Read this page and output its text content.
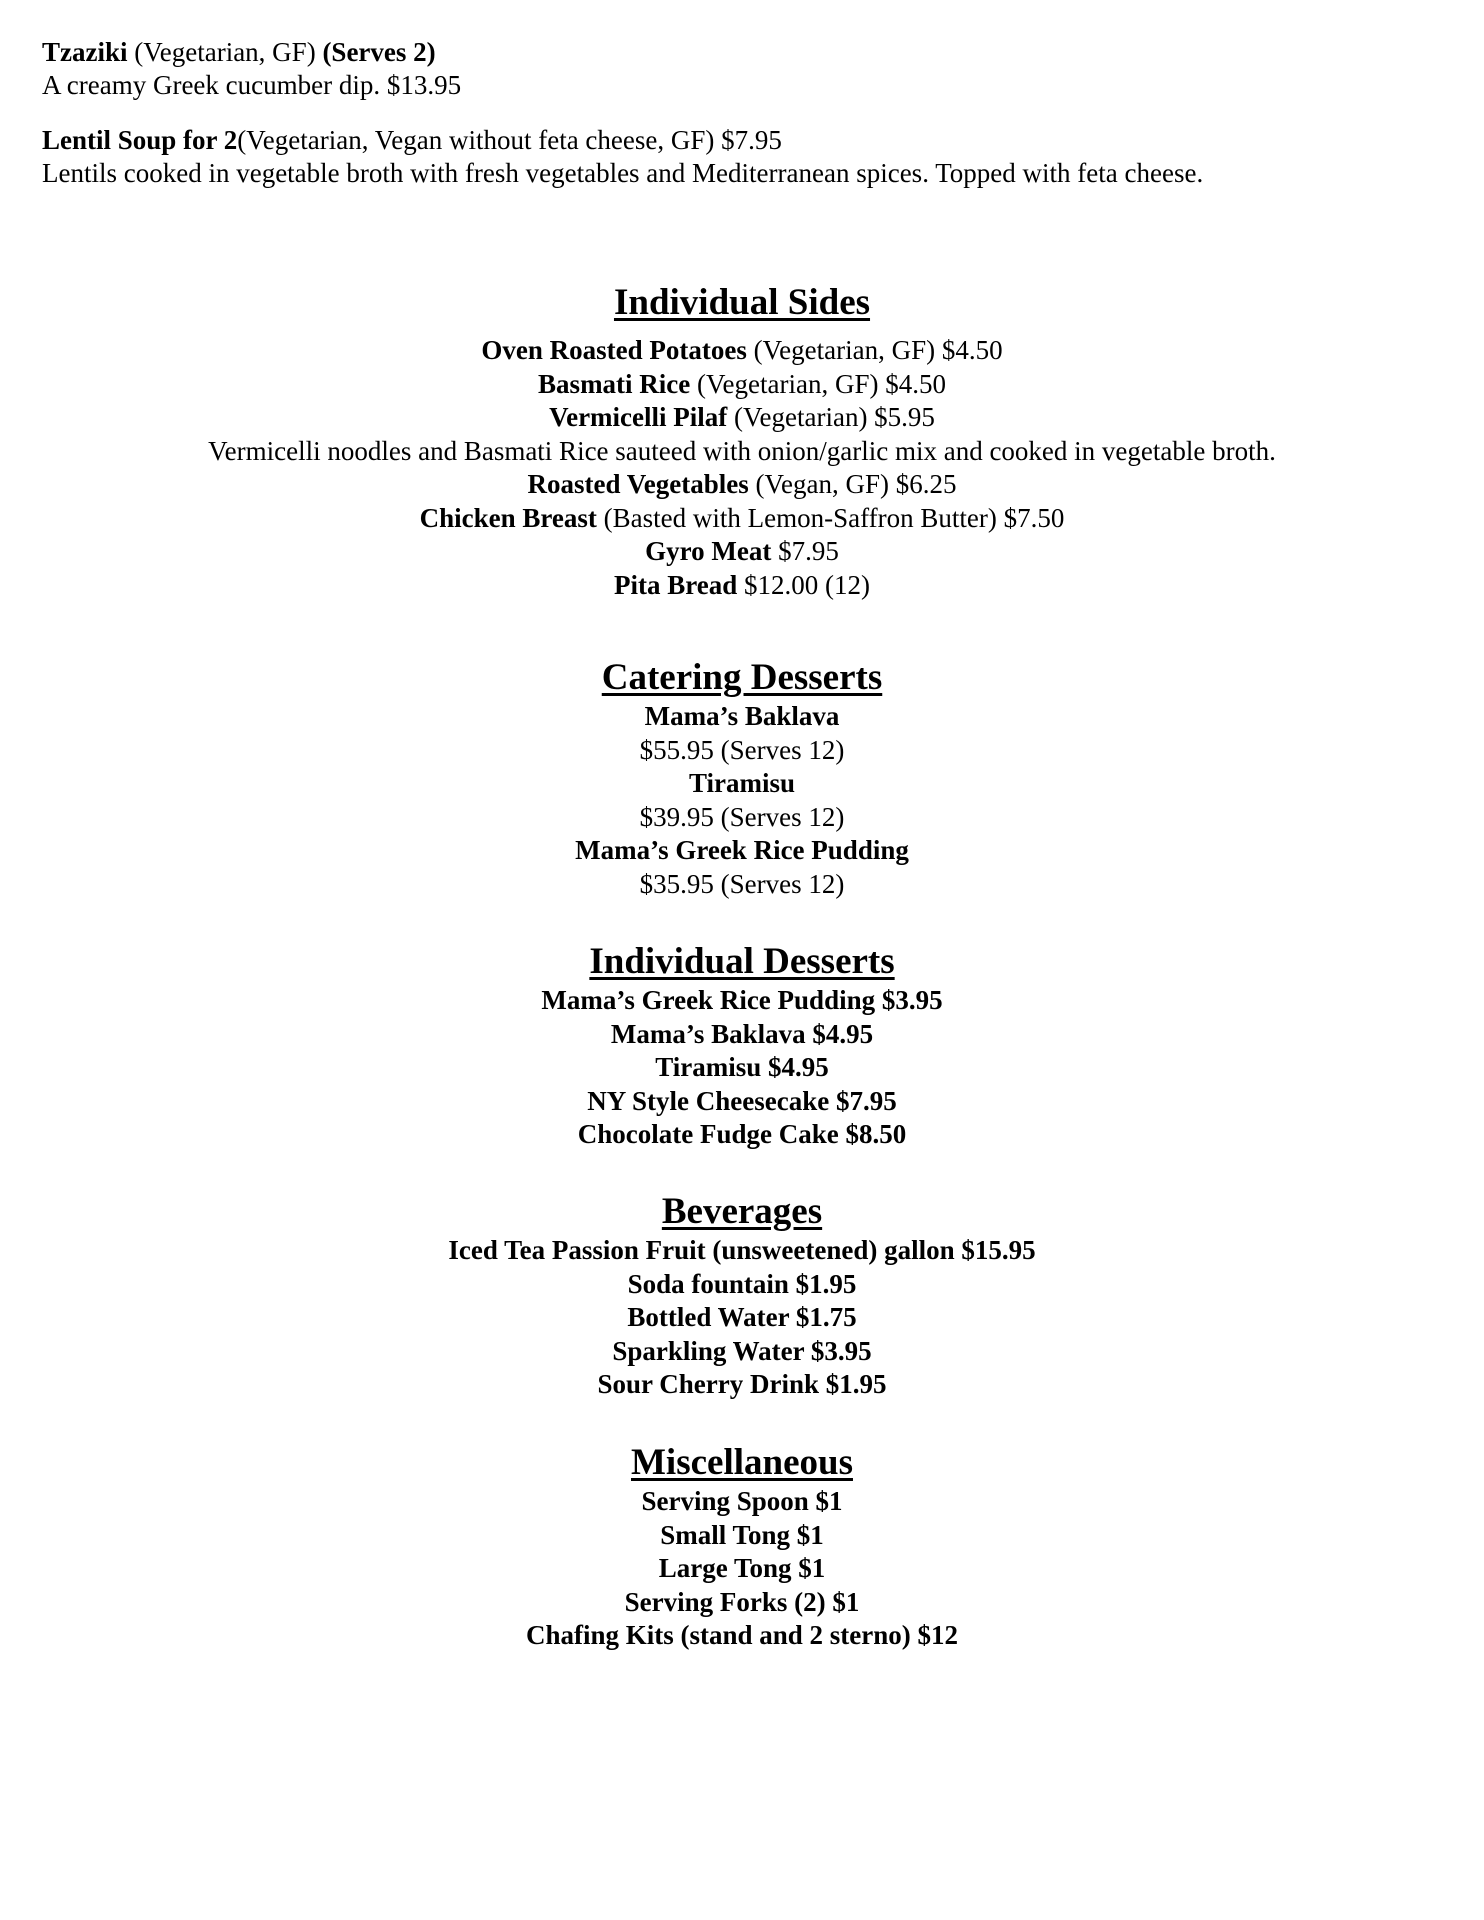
Tzaziki (Vegetarian, GF) (Serves 2)
A creamy Greek cucumber dip. $13.95
Lentil Soup for 2(Vegetarian, Vegan without feta cheese, GF) $7.95
Lentils cooked in vegetable broth with fresh vegetables and Mediterranean spices. Topped with feta cheese.
Individual Sides
Oven Roasted Potatoes (Vegetarian, GF) $4.50
Basmati Rice (Vegetarian, GF) $4.50
Vermicelli Pilaf (Vegetarian) $5.95
Vermicelli noodles and Basmati Rice sauteed with onion/garlic mix and cooked in vegetable broth.
Roasted Vegetables (Vegan, GF) $6.25
Chicken Breast (Basted with Lemon-Saffron Butter) $7.50
Gyro Meat $7.95
Pita Bread $12.00 (12)
Catering Desserts
Mama’s Baklava
$55.95 (Serves 12)
Tiramisu
$39.95 (Serves 12)
Mama’s Greek Rice Pudding
$35.95 (Serves 12)
Individual Desserts
Mama’s Greek Rice Pudding $3.95
Mama’s Baklava $4.95
Tiramisu $4.95
NY Style Cheesecake $7.95
Chocolate Fudge Cake $8.50
Beverages
Iced Tea Passion Fruit (unsweetened) gallon $15.95
Soda fountain $1.95
Bottled Water $1.75
Sparkling Water $3.95
Sour Cherry Drink $1.95
Miscellaneous
Serving Spoon $1
Small Tong $1
Large Tong $1
Serving Forks (2) $1
Chafing Kits (stand and 2 sterno) $12
